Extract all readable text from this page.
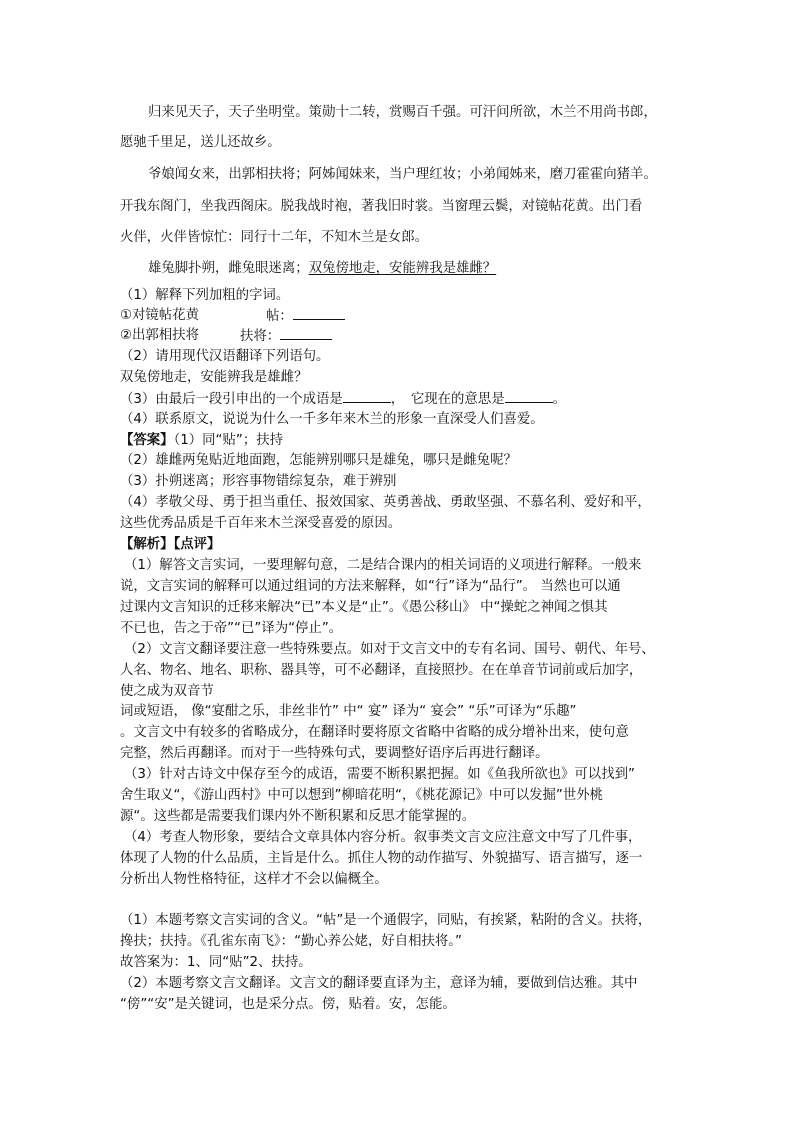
归来见天子，天子坐明堂。策勋十二转，赏赐百千强。可汗问所欲，木兰不用尚书郎，
愿驰千里足，送儿还故乡。
爷娘闻女来，出郭相扶将；阿姊闻妹来，当户理红妆；小弟闻姊来，磨刀霍霍向猪羊。
开我东阁门，坐我西阁床。脱我战时袍，著我旧时裳。当窗理云鬓，对镜帖花黄。出门看
火伴，火伴皆惊忙：同行十二年，不知木兰是女郎。
雄兔脚扑朔，雌兔眼迷离；双兔傍地走，安能辨我是雄雌？
（1）解释下列加粗的字词。
①对镜帖花黄	帖：
②出郭相扶将	扶将：
（2）请用现代汉语翻译下列语句。
双兔傍地走，安能辨我是雄雌？
（3）由最后一段引申出的一个成语是	，　它现在的意思是	。
（4）联系原文，说说为什么一千多年来木兰的形象一直深受人们喜爱。
【答案】（1）同“贴”；扶持
（2）雄雌两兔贴近地面跑，怎能辨别哪只是雄兔，哪只是雌兔呢？
（3）扑朔迷离；形容事物错综复杂，难于辨别
（4）孝敬父母、勇于担当重任、报效国家、英勇善战、勇敢坚强、不慕名利、爱好和平，
这些优秀品质是千百年来木兰深受喜爱的原因。
【解析】【点评】
（1）解答文言实词，一要理解句意，二是结合课内的相关词语的义项进行解释。一般来
说，文言实词的解释可以通过组词的方法来解释，如“行”译为“品行”。 当然也可以通
过课内文言知识的迁移来解决“已”本义是“止”。《愚公移山》 中“操蛇之神闻之惧其
不已也，告之于帝”“已”译为“停止”。
（2）文言文翻译要注意一些特殊要点。如对于文言文中的专有名词、国号、朝代、年号、
人名、物名、地名、职称、器具等，可不必翻译，直接照抄。在在单音节词前或后加字，
使之成为双音节
词或短语， 像“宴酣之乐，非丝非竹” 中“ 宴” 译为“ 宴会” “乐”可译为“乐趣”
。文言文中有较多的省略成分，在翻译时要将原文省略中省略的成分增补出来，使句意
完整，然后再翻译。而对于一些特殊句式，要调整好语序后再进行翻译。
（3）针对古诗文中保存至今的成语，需要不断积累把握。如《鱼我所欲也》可以找到”
舍生取义“，《游山西村》中可以想到”柳暗花明“，《桃花源记》中可以发掘”世外桃
源“。这些都是需要我们课内外不断积累和反思才能掌握的。
（4）考查人物形象，要结合文章具体内容分析。叙事类文言文应注意文中写了几件事，
体现了人物的什么品质，主旨是什么。抓住人物的动作描写、外貌描写、语言描写，逐一
分析出人物性格特征，这样才不会以偏概全。
（1）本题考察文言实词的含义。“帖”是一个通假字，同贴，有挨紧，粘附的含义。扶将，
搀扶；扶持。《孔雀东南飞》：“勤心养公姥，好自相扶将。”
故答案为：1、同“贴”2、扶持。
（2）本题考察文言文翻译。文言文的翻译要直译为主，意译为辅，要做到信达雅。其中
“傍”“安”是关键词，也是采分点。傍，贴着。安，怎能。
